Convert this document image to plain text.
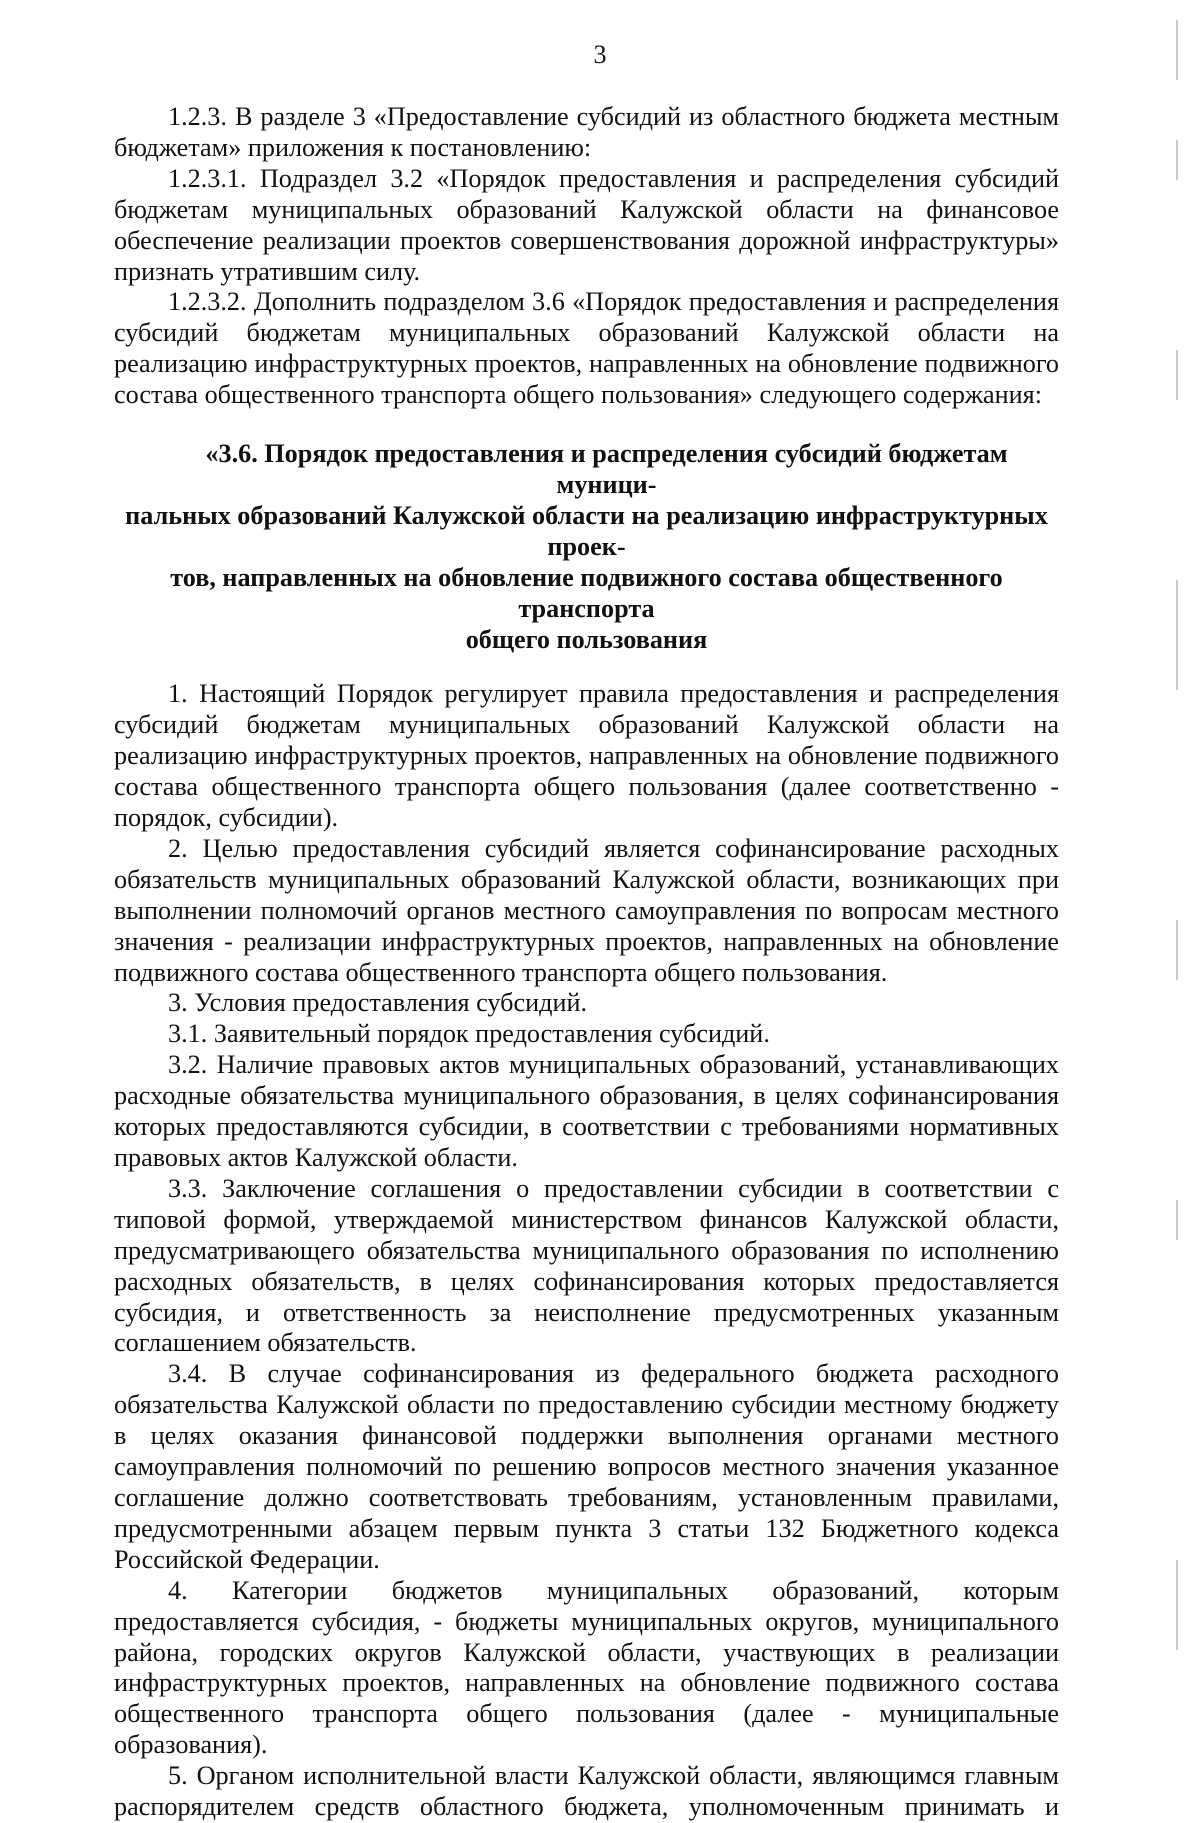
3

1.2.3. В разделе 3 «Предоставление субсидий из областного бюджета местным бюджетам» приложения к постановлению:

1.2.3.1. Подраздел 3.2 «Порядок предоставления и распределения субсидий бюджетам муниципальных образований Калужской области на финансовое обеспечение реализации проектов совершенствования дорожной инфраструктуры» признать утратившим силу.

1.2.3.2. Дополнить подразделом 3.6 «Порядок предоставления и распределения субсидий бюджетам муниципальных образований Калужской области на реализацию инфраструктурных проектов, направленных на обновление подвижного состава общественного транспорта общего пользования» следующего содержания:

«3.6. Порядок предоставления и распределения субсидий бюджетам муници-
пальных образований Калужской области на реализацию инфраструктурных проек-
тов, направленных на обновление подвижного состава общественного транспорта
общего пользования

1. Настоящий Порядок регулирует правила предоставления и распределения субсидий бюджетам муниципальных образований Калужской области на реализацию инфраструктурных проектов, направленных на обновление подвижного состава общественного транспорта общего пользования (далее соответственно - порядок, субсидии).

2. Целью предоставления субсидий является софинансирование расходных обязательств муниципальных образований Калужской области, возникающих при выполнении полномочий органов местного самоуправления по вопросам местного значения - реализации инфраструктурных проектов, направленных на обновление подвижного состава общественного транспорта общего пользования.

3. Условия предоставления субсидий.

3.1. Заявительный порядок предоставления субсидий.

3.2. Наличие правовых актов муниципальных образований, устанавливающих расходные обязательства муниципального образования, в целях софинансирования которых предоставляются субсидии, в соответствии с требованиями нормативных правовых актов Калужской области.

3.3. Заключение соглашения о предоставлении субсидии в соответствии с типовой формой, утверждаемой министерством финансов Калужской области, предусматривающего обязательства муниципального образования по исполнению расходных обязательств, в целях софинансирования которых предоставляется субсидия, и ответственность за неисполнение предусмотренных указанным соглашением обязательств.

3.4. В случае софинансирования из федерального бюджета расходного обязательства Калужской области по предоставлению субсидии местному бюджету в целях оказания финансовой поддержки выполнения органами местного самоуправления полномочий по решению вопросов местного значения указанное соглашение должно соответствовать требованиям, установленным правилами, предусмотренными абзацем первым пункта 3 статьи 132 Бюджетного кодекса Российской Федерации.

4. Категории бюджетов муниципальных образований, которым предоставляется субсидия, - бюджеты муниципальных округов, муниципального района, городских округов Калужской области, участвующих в реализации инфраструктурных проектов, направленных на обновление подвижного состава общественного транспорта общего пользования (далее - муниципальные образования).

5. Органом исполнительной власти Калужской области, являющимся главным распорядителем средств областного бюджета, уполномоченным принимать и
